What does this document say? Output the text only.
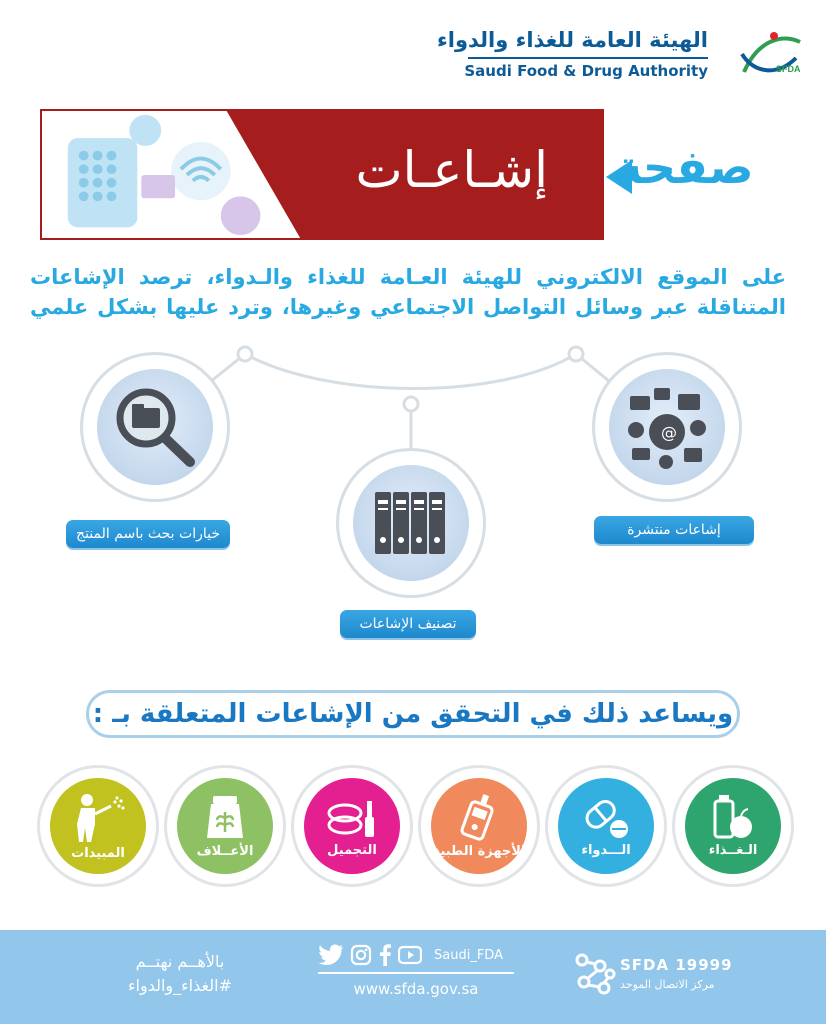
SFDA
الهيئة العامة للغذاء والدواء
Saudi Food & Drug Authority
إشـاعـات صفحة
على الموقع الالكتروني للهيئة العـامة للغذاء والـدواء، ترصد الإشاعات المتناقلة عبر وسائل التواصل الاجتماعي وغيرها، وترد عليها بشكل علمي
@
إشاعات منتشرة
تصنيف الإشاعات
خيارات بحث باسم المنتج
ويساعد ذلك في التحقق من الإشاعات المتعلقة بـ :
الـغــذاء
الـــدواء
الأجهزة الطبية
التجميل
الأعــلاف
المبيدات
بالأهــم نهتــم
#الغذاء_والدواء
Saudi_FDA
www.sfda.gov.sa
SFDA 19999
مركز الاتصال الموحد
